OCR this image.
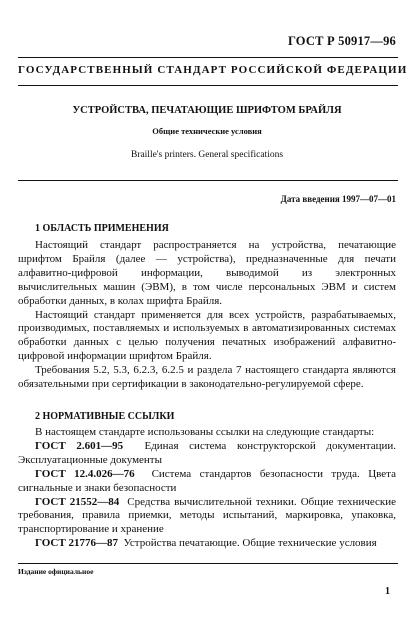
ГОСТ Р 50917—96
ГОСУДАРСТВЕННЫЙ СТАНДАРТ РОССИЙСКОЙ ФЕДЕРАЦИИ
УСТРОЙСТВА, ПЕЧАТАЮЩИЕ ШРИФТОМ БРАЙЛЯ
Общие технические условия
Braille's printers. General specifications
Дата введения 1997—07—01
1 ОБЛАСТЬ ПРИМЕНЕНИЯ

Настоящий стандарт распространяется на устройства, печатающие шрифтом Брайля (далее — устройства), предназначенные для печати алфавитно-цифровой информации, выводимой из электронных вычислительных машин (ЭВМ), в том числе персональных ЭВМ и систем обработки данных, в колах шрифта Брайля.

Настоящий стандарт применяется для всех устройств, разрабатываемых, производимых, поставляемых и используемых в автоматизированных системах обработки данных с целью получения печатных изображений алфавитно-цифровой информации шрифтом Брайля.

Требования 5.2, 5.3, 6.2.3, 6.2.5 и раздела 7 настоящего стандарта являются обязательными при сертификации в законодательно-регулируемой сфере.

2 НОРМАТИВНЫЕ ССЫЛКИ

В настоящем стандарте использованы ссылки на следующие стандарты:

ГОСТ 2.601—95 Единая система конструкторской документации. Эксплуатационные документы

ГОСТ 12.4.026—76 Система стандартов безопасности труда. Цвета сигнальные и знаки безопасности

ГОСТ 21552—84 Средства вычислительной техники. Общие технические требования, правила приемки, методы испытаний, маркировка, упаковка, транспортирование и хранение

ГОСТ 21776—87 Устройства печатающие. Общие технические условия

Издание официальное
1
